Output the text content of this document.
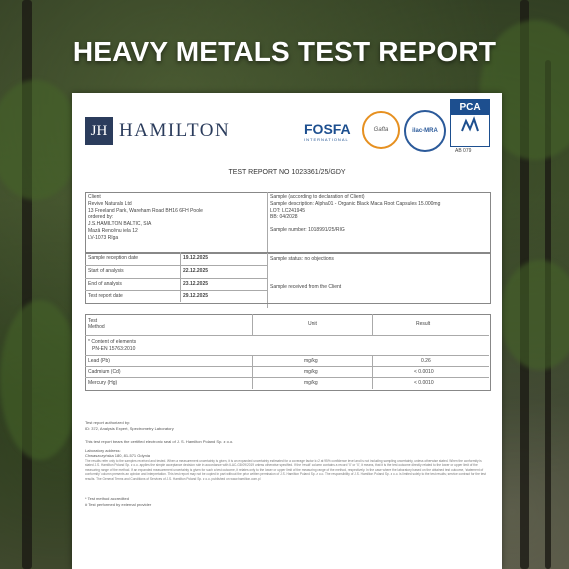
HEAVY METALS TEST REPORT
JH HAMILTON	FOSFA
INTERNATIONAL
Gafta	ilac-MRA
PCA
AB 079
TEST REPORT NO 1023361/25/GDY
Client
Revive Naturals Ltd
13 Freeland Park, Wareham Road BH16 6FH Poole
ordered by:
J.S.HAMILTON BALTIC, SIA
Mazā Rencēnu iela 12
LV-1073 Rīga
Sample (according to declaration of Client)
Sample description: Alpha01 - Organic Black Maca Root Capsules 15.000mg
LOT: LC241945
BB: 04/2028
Sample number: 1018991/25/RIG
Sample reception date	19.12.2025
Start of analysis	22.12.2025
End of analysis	23.12.2025
Test report date	29.12.2025
Sample status: no objections
Sample received from the Client
Test
Method	Unit	Result
* Content of elements
PN-EN 15763:2010
Lead (Pb)	mg/kg	0.26
Cadmium (Cd)	mg/kg	< 0.0010
Mercury (Hg)	mg/kg	< 0.0010
Test report authorized by:
ID: 372, Analysis Expert, Spectrometry Laboratory
This test report bears the certified electronic seal of J. S. Hamilton Poland Sp. z o.o.
Laboratory address:
Chwaszczyńska 180, 81-571 Gdynia
The results refer only to the samples received and tested. When a measurement uncertainty is given, it is an expanded uncertainty estimated for a coverage factor k=2 at 95% confidence level and is not including sampling uncertainty, unless otherwise stated. When the conformity is stated J.S. Hamilton Poland Sp. z o.o. applies the simple acceptance decision rule in accordance with ILAC-G8:09/2019 unless otherwise specified. If the 'result' column contains a record 'X' or 'X', it means, that it is the test outcome directly related to the lower or upper limit of the measuring range of the method. If an expanded measurement uncertainty is given for such a test outcome, it relates only to the lower or upper limit of the measuring range of the method, respectively. In the case where the laboratory based on the obtained test outcome, 'statement of conformity' column presents an opinion and interpretation. This test report may not be copied in part without the prior written permission of J.S. Hamilton Poland Sp. z o.o. The responsibility of J.S. Hamilton Poland Sp. z o.o. is limited solely to the test results; service contract for the test results. The General Terms and Conditions of Services of J.S. Hamilton Poland Sp. z o.o. published on www.hamilton.com.pl
* Test method accredited
# Test performed by external provider
